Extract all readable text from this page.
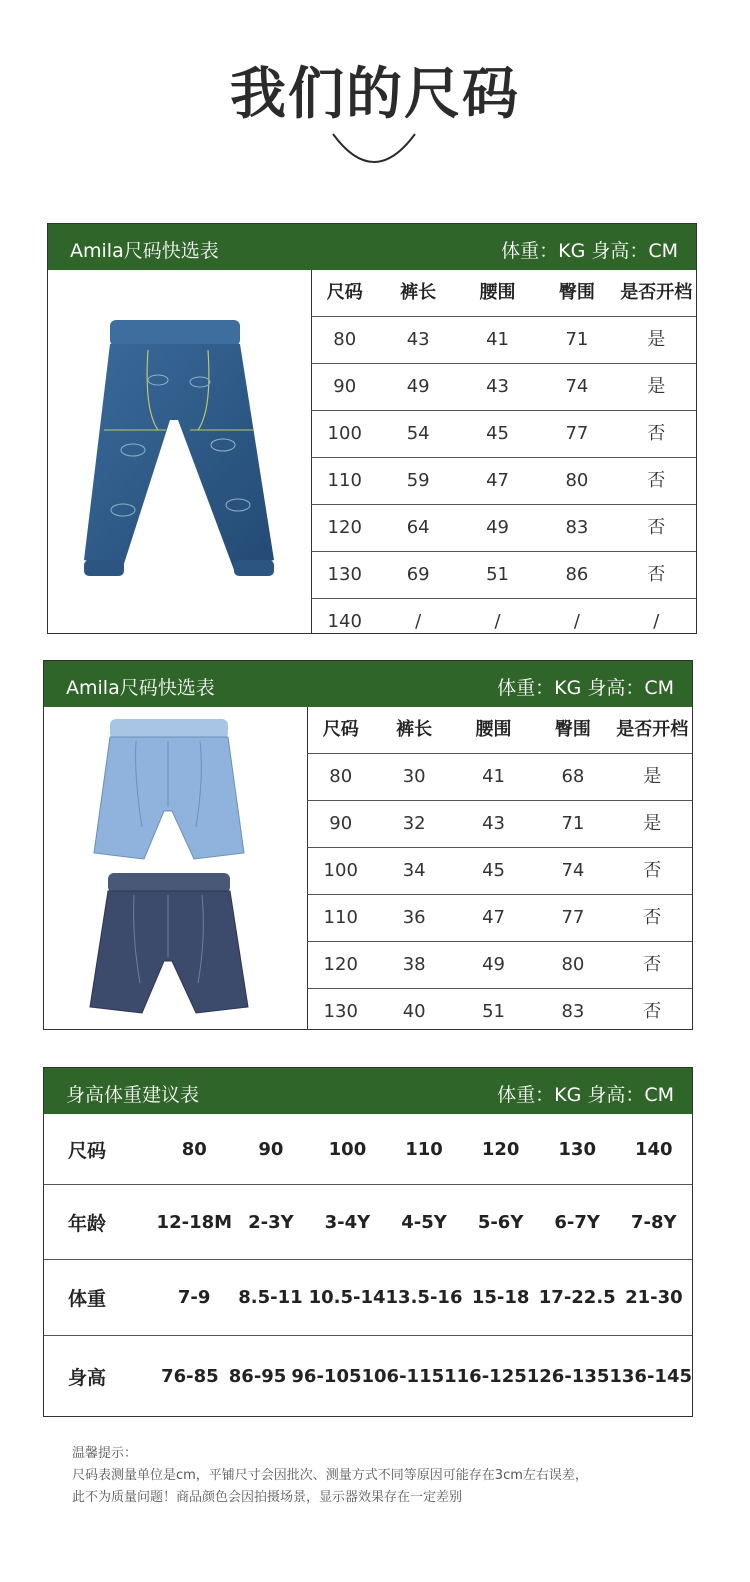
我们的尺码
Amila尺码快选表	体重：KG 身高：CM
尺码	裤长	腰围	臀围	是否开档
80	43	41	71	是
90	49	43	74	是
100	54	45	77	否
110	59	47	80	否
120	64	49	83	否
130	69	51	86	否
140	/	/	/	/
Amila尺码快选表	体重：KG 身高：CM
尺码	裤长	腰围	臀围	是否开档
80	30	41	68	是
90	32	43	71	是
100	34	45	74	否
110	36	47	77	否
120	38	49	80	否
130	40	51	83	否
身高体重建议表	体重：KG 身高：CM
尺码	80	90	100	110	120	130	140
年龄	12-18M 2-3Y	3-4Y	4-5Y	5-6Y	6-7Y	7-8Y
体重	7-9	8.5-11 10.5-14 13.5-16 15-18 17-22.5 21-30
身高	76-85 86-95 96-105 106-115 116-125 126-135 136-145
温馨提示：
尺码表测量单位是cm，平铺尺寸会因批次、测量方式不同等原因可能存在3cm左右误差，
此不为质量问题！商品颜色会因拍摄场景，显示器效果存在一定差别
